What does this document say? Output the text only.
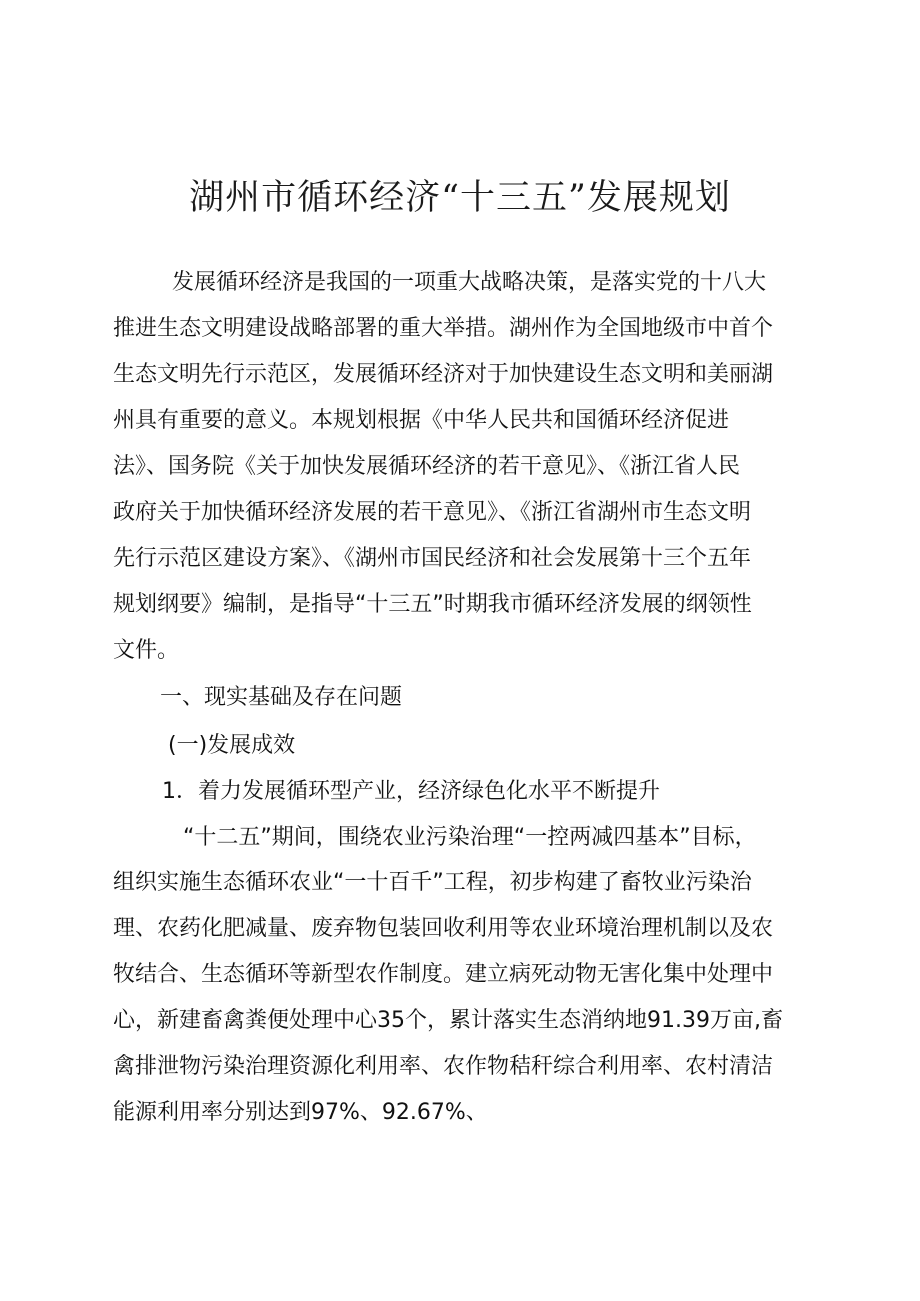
湖州市循环经济“十三五”发展规划
发展循环经济是我国的一项重大战略决策，是落实党的十八大
推进生态文明建设战略部署的重大举措。湖州作为全国地级市中首个
生态文明先行示范区，发展循环经济对于加快建设生态文明和美丽湖
州具有重要的意义。本规划根据《中华人民共和国循环经济促进
法》、国务院《关于加快发展循环经济的若干意见》、《浙江省人民
政府关于加快循环经济发展的若干意见》、《浙江省湖州市生态文明
先行示范区建设方案》、《湖州市国民经济和社会发展第十三个五年
规划纲要》编制，是指导“十三五”时期我市循环经济发展的纲领性
文件。
一、现实基础及存在问题
(一)发展成效
1．着力发展循环型产业，经济绿色化水平不断提升
“十二五”期间，围绕农业污染治理“一控两减四基本”目标，
组织实施生态循环农业“一十百千”工程，初步构建了畜牧业污染治
理、农药化肥减量、废弃物包装回收利用等农业环境治理机制以及农
牧结合、生态循环等新型农作制度。建立病死动物无害化集中处理中
心，新建畜禽粪便处理中心35个，累计落实生态消纳地91.39万亩,畜
禽排泄物污染治理资源化利用率、农作物秸秆综合利用率、农村清洁
能源利用率分别达到97%、92.67%、
